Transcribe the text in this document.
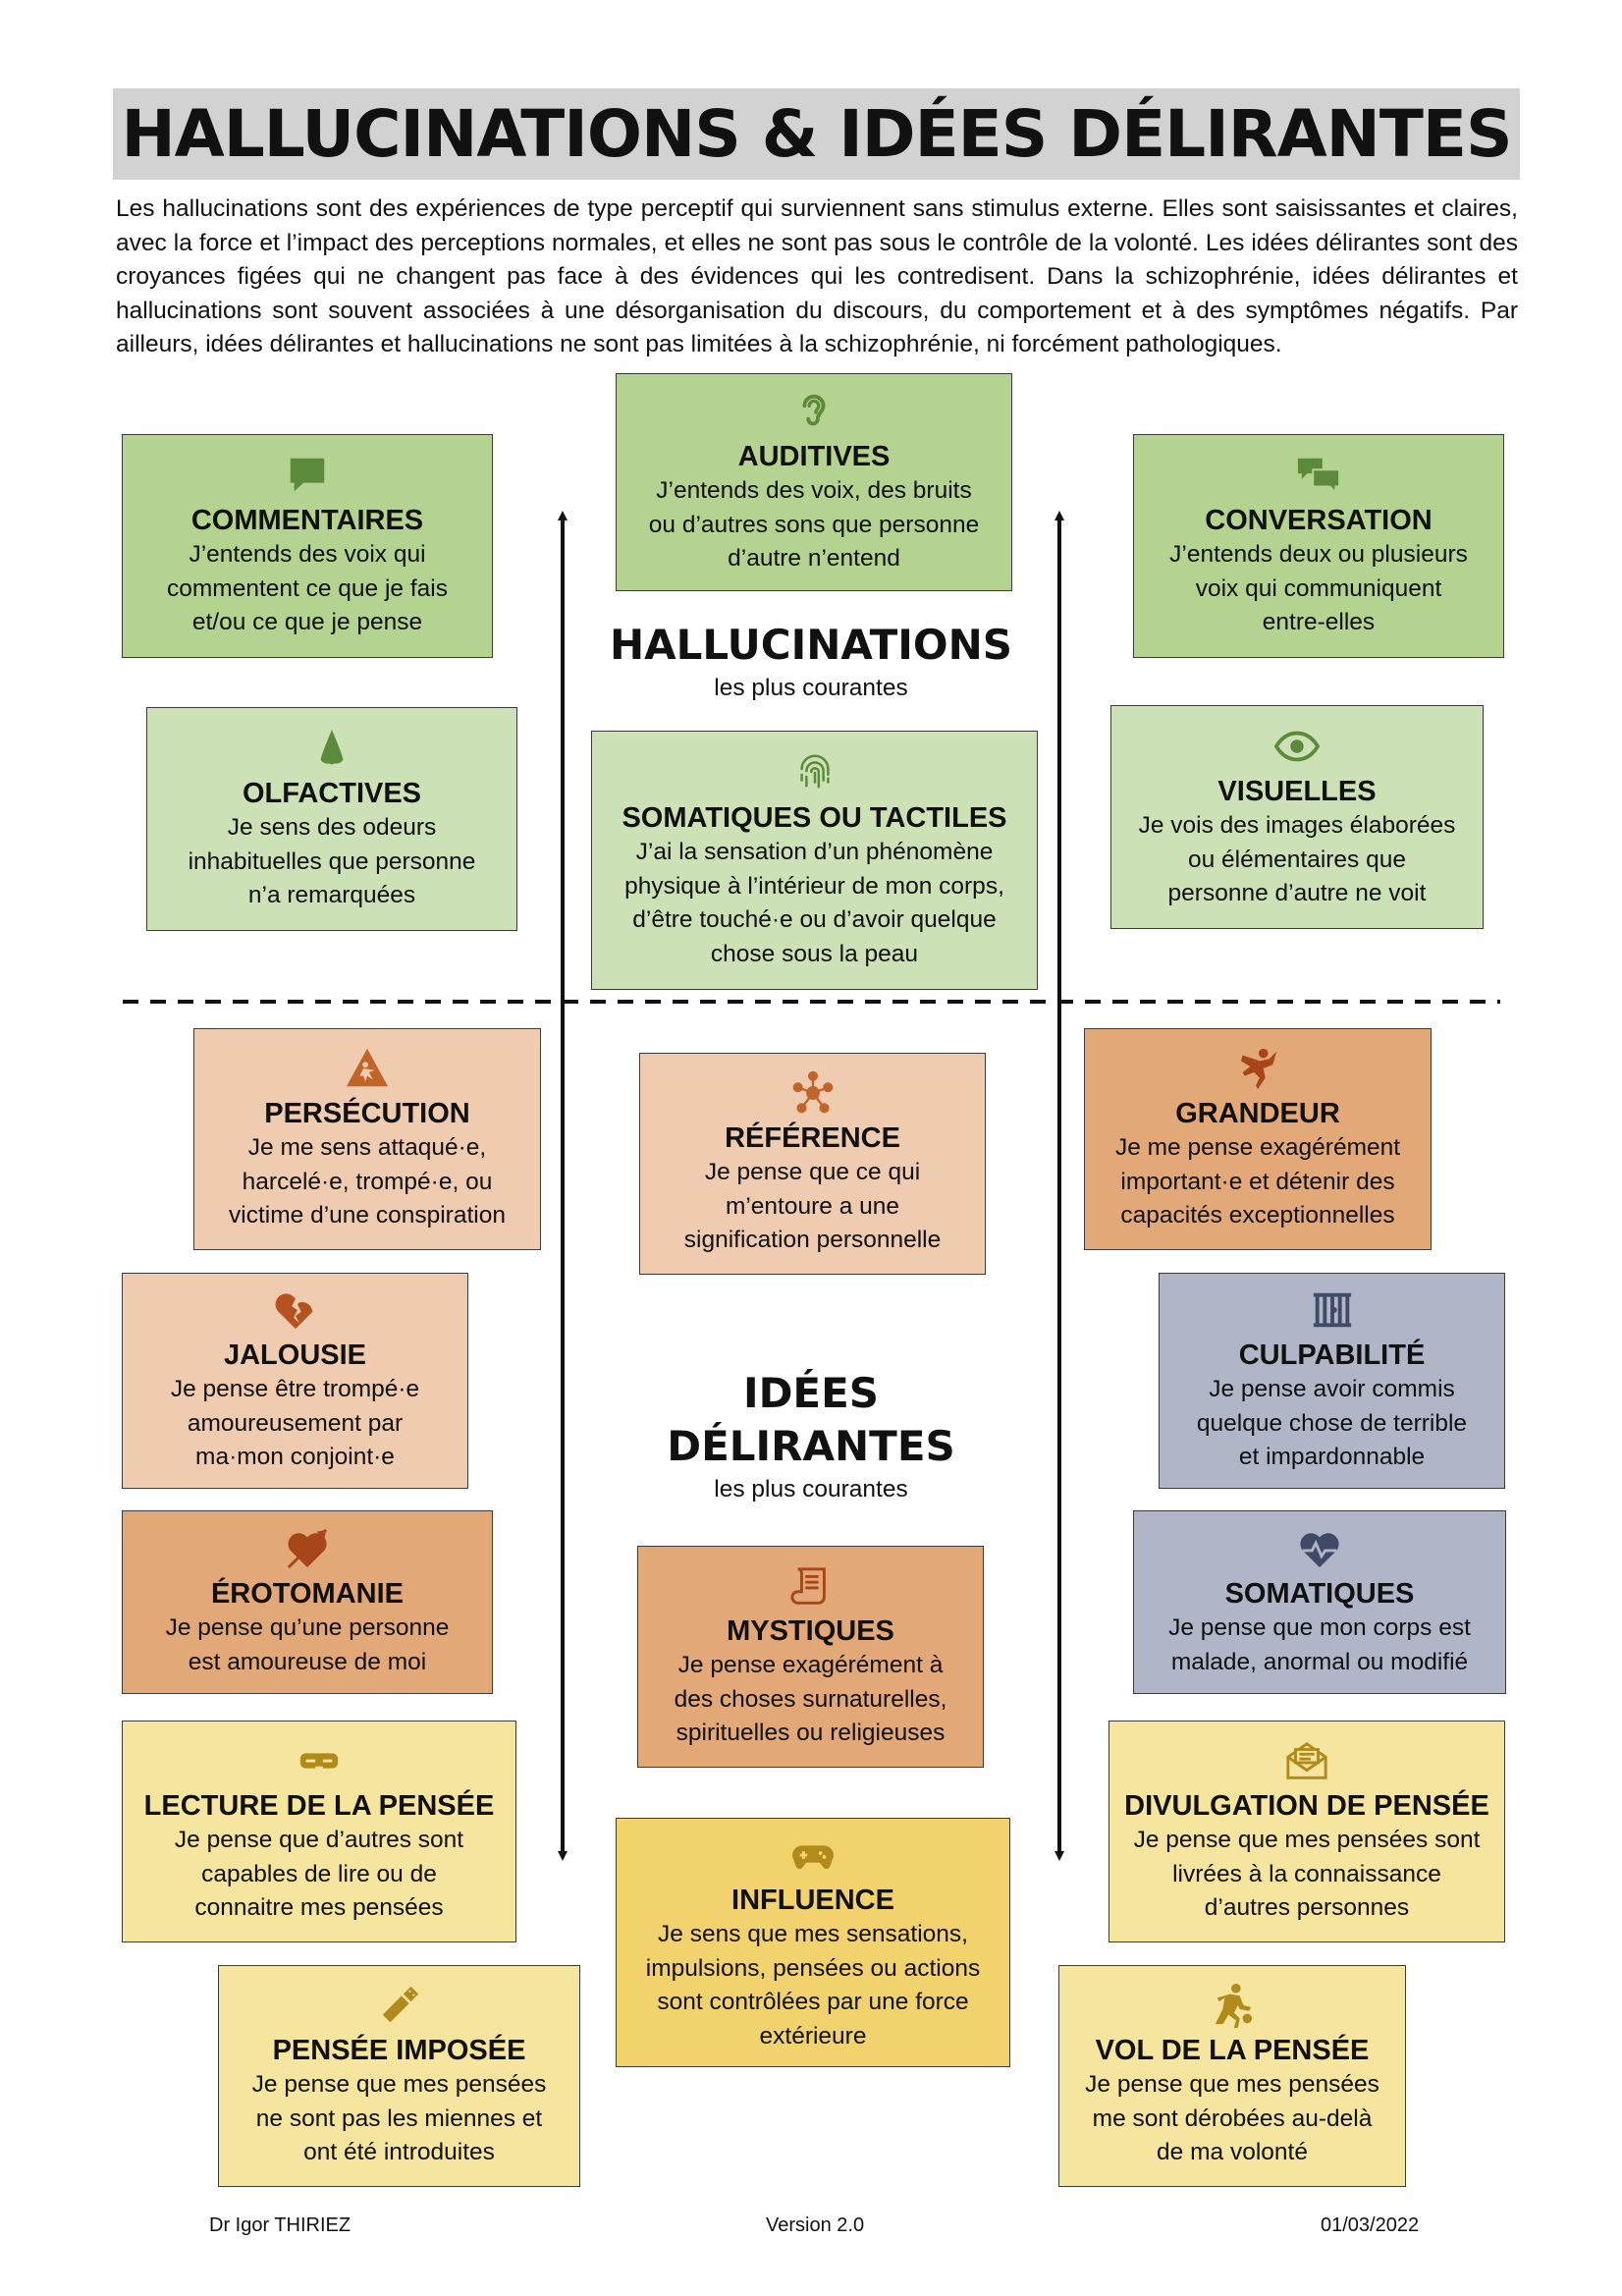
HALLUCINATIONS & IDÉES DÉLIRANTES

Les hallucinations sont des expériences de type perceptif qui surviennent sans stimulus externe. Elles sont saisissantes et claires, avec la force et l’impact des perceptions normales, et elles ne sont pas sous le contrôle de la volonté. Les idées délirantes sont des croyances figées qui ne changent pas face à des évidences qui les contredisent. Dans la schizophrénie, idées délirantes et hallucinations sont souvent associées à une désorganisation du discours, du comportement et à des symptômes négatifs. Par ailleurs, idées délirantes et hallucinations ne sont pas limitées à la schizophrénie, ni forcément pathologiques.

HALLUCINATIONS
les plus courantes
AUDITIVES
J’entends des voix, des bruits
ou d’autres sons que personne
d’autre n’entend
COMMENTAIRES
J’entends des voix qui
commentent ce que je fais
et/ou ce que je pense
CONVERSATION
J’entends deux ou plusieurs
voix qui communiquent
entre-elles
OLFACTIVES
Je sens des odeurs
inhabituelles que personne
n’a remarquées
SOMATIQUES OU TACTILES
J’ai la sensation d’un phénomène
physique à l’intérieur de mon corps,
d’être touché·e ou d’avoir quelque
chose sous la peau
VISUELLES
Je vois des images élaborées
ou élémentaires que
personne d’autre ne voit
IDÉES DÉLIRANTES
les plus courantes
PERSÉCUTION
Je me sens attaqué·e,
harcelé·e, trompé·e, ou
victime d’une conspiration
RÉFÉRENCE
Je pense que ce qui
m’entoure a une
signification personnelle
GRANDEUR
Je me pense exagérément
important·e et détenir des
capacités exceptionnelles
JALOUSIE
Je pense être trompé·e
amoureusement par
ma·mon conjoint·e
CULPABILITÉ
Je pense avoir commis
quelque chose de terrible
et impardonnable
ÉROTOMANIE
Je pense qu’une personne
est amoureuse de moi
MYSTIQUES
Je pense exagérément à
des choses surnaturelles,
spirituelles ou religieuses
SOMATIQUES
Je pense que mon corps est
malade, anormal ou modifié
LECTURE DE LA PENSÉE
Je pense que d’autres sont
capables de lire ou de
connaitre mes pensées	INFLUENCE
Je sens que mes sensations,
impulsions, pensées ou actions
sont contrôlées par une force
extérieure
DIVULGATION DE PENSÉE
Je pense que mes pensées sont
livrées à la connaissance
d’autres personnes
PENSÉE IMPOSÉE
Je pense que mes pensées
ne sont pas les miennes et
ont été introduites
VOL DE LA PENSÉE
Je pense que mes pensées
me sont dérobées au-delà
de ma volonté
Dr Igor THIRIEZ	Version 2.0	01/03/2022
